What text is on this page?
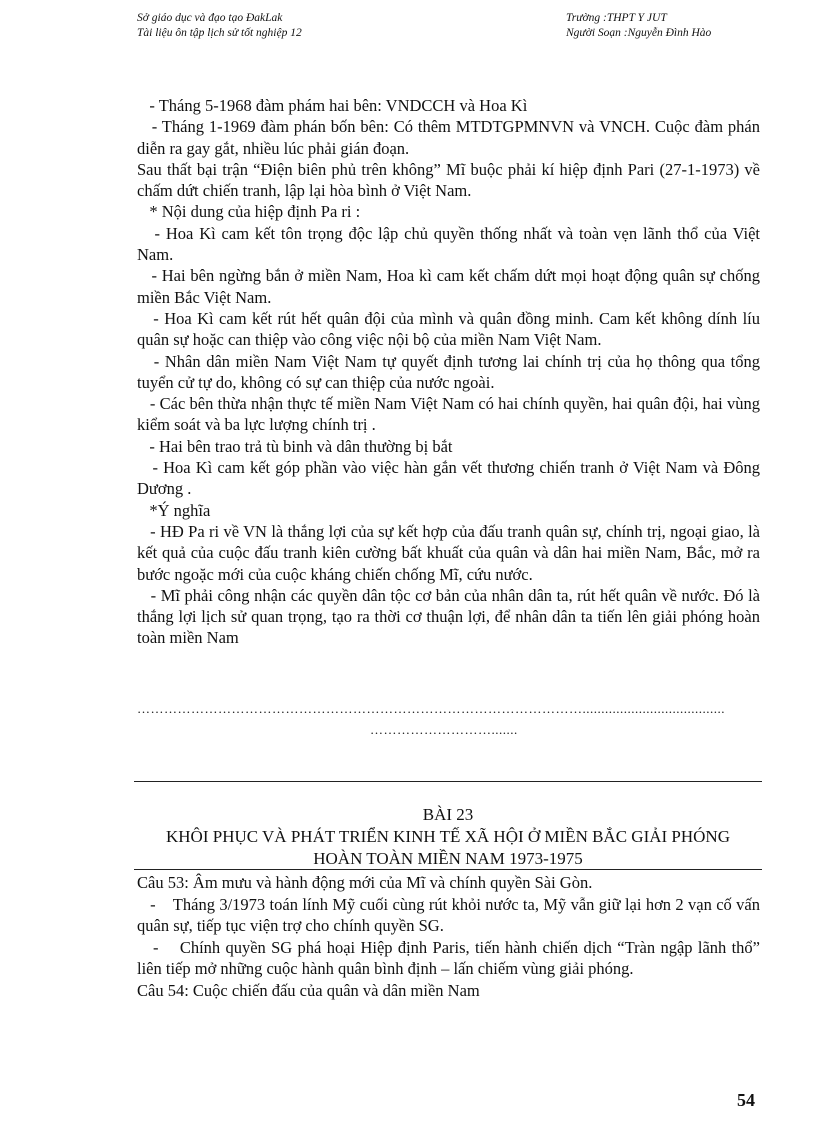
Sở giáo dục và đạo tạo ĐakLak
Tài liệu ôn tập lịch sử tốt nghiệp 12
Trường :THPT Y JUT
Người Soạn :Nguyễn Đình Hào

- Tháng 5-1968 đàm phám hai bên: VNDCCH và Hoa Kì

- Tháng 1-1969 đàm phán bốn bên: Có thêm MTDTGPMNVN và VNCH. Cuộc đàm phán diễn ra gay gắt, nhiều lúc phải gián đoạn.

Sau thất bại trận “Điện biên phủ trên không” Mĩ buộc phải kí hiệp định Pari (27-1-1973) về chấm dứt chiến tranh, lập lại hòa bình ở Việt Nam.

* Nội dung của hiệp định Pa ri :

- Hoa Kì cam kết tôn trọng độc lập chủ quyền thống nhất và toàn vẹn lãnh thổ của Việt Nam.

- Hai bên ngừng bắn ở miền Nam, Hoa kì cam kết chấm dứt mọi hoạt động quân sự chống miền Bắc Việt Nam.

- Hoa Kì cam kết rút hết quân đội của mình và quân đồng minh. Cam kết không dính líu quân sự hoặc can thiệp vào công việc nội bộ của miền Nam Việt Nam.

- Nhân dân miền Nam Việt Nam tự quyết định tương lai chính trị của họ thông qua tổng tuyển cử tự do, không có sự can thiệp của nước ngoài.

- Các bên thừa nhận thực tế miền Nam Việt Nam có hai chính quyền, hai quân đội, hai vùng kiểm soát và ba lực lượng chính trị .

- Hai bên trao trả tù binh và dân thường bị bắt

- Hoa Kì cam kết góp phần vào việc hàn gắn vết thương chiến tranh ở Việt Nam và Đông Dương .

*Ý nghĩa

- HĐ Pa ri về VN là thắng lợi của sự kết hợp của đấu tranh quân sự, chính trị, ngoại giao, là kết quả của cuộc đấu tranh kiên cường bất khuất của quân và dân hai miền Nam, Bắc, mở ra bước ngoặc mới của cuộc kháng chiến chống Mĩ, cứu nước.

- Mĩ phải công nhận các quyền dân tộc cơ bản của nhân dân ta, rút hết quân về nước. Đó là thắng lợi lịch sử quan trọng, tạo ra thời cơ thuận lợi, để nhân dân ta tiến lên giải phóng hoàn toàn miền Nam

………………………………………………………………………………………......................................
……………………….......
BÀI 23
KHÔI PHỤC VÀ PHÁT TRIỂN KINH TẾ XÃ HỘI Ở MIỀN BẮC GIẢI PHÓNG HOÀN TOÀN MIỀN NAM 1973-1975

Câu 53: Âm mưu và hành động mới của Mĩ và chính quyền Sài Gòn.

-    Tháng 3/1973 toán lính Mỹ cuối cùng rút khỏi nước ta, Mỹ vẫn giữ lại hơn 2 vạn cố vấn quân sự, tiếp tục viện trợ cho chính quyền SG.

-    Chính quyền SG phá hoại Hiệp định Paris, tiến hành chiến dịch “Tràn ngập lãnh thổ” liên tiếp mở những cuộc hành quân bình định – lấn chiếm vùng giải phóng.

Câu 54: Cuộc chiến đấu của quân và dân miền Nam

54
